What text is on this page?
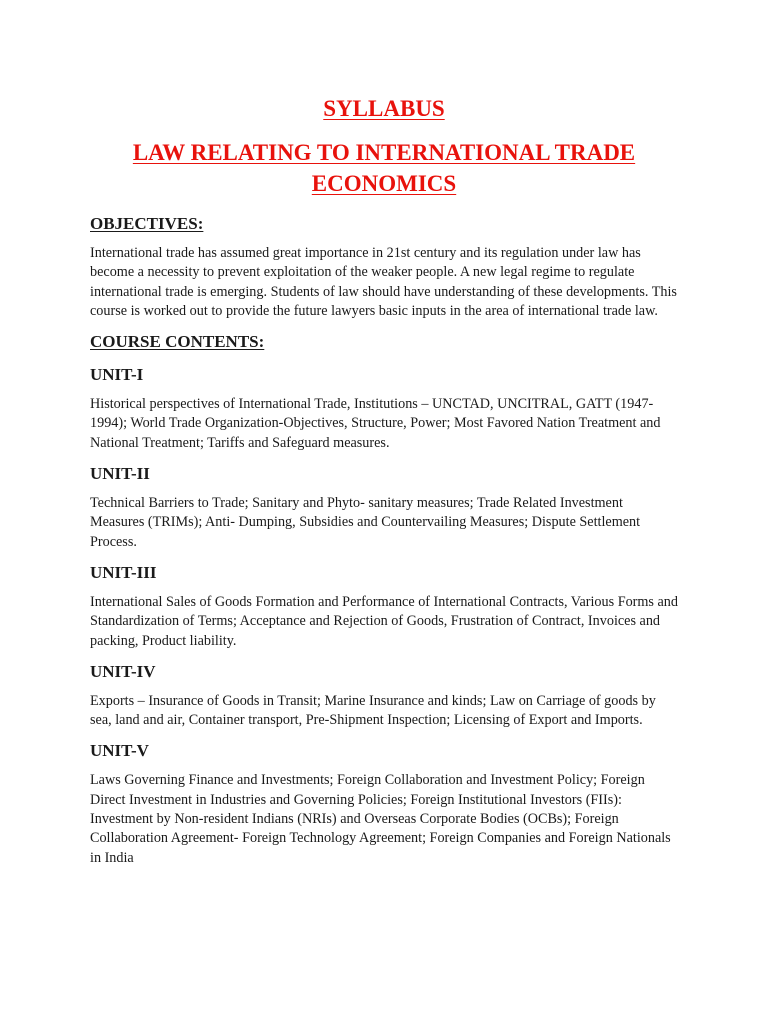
SYLLABUS
LAW RELATING TO INTERNATIONAL TRADE ECONOMICS
OBJECTIVES:

International trade has assumed great importance in 21st century and its regulation under law has become a necessity to prevent exploitation of the weaker people. A new legal regime to regulate international trade is emerging. Students of law should have understanding of these developments. This course is worked out to provide the future lawyers basic inputs in the area of international trade law.

COURSE CONTENTS:
UNIT-I

Historical perspectives of International Trade, Institutions – UNCTAD, UNCITRAL, GATT (1947-1994); World Trade Organization-Objectives, Structure, Power; Most Favored Nation Treatment and National Treatment; Tariffs and Safeguard measures.

UNIT-II

Technical Barriers to Trade; Sanitary and Phyto- sanitary measures; Trade Related Investment Measures (TRIMs); Anti- Dumping, Subsidies and Countervailing Measures; Dispute Settlement Process.

UNIT-III

International Sales of Goods Formation and Performance of International Contracts, Various Forms and Standardization of Terms; Acceptance and Rejection of Goods, Frustration of Contract, Invoices and packing, Product liability.

UNIT-IV

Exports – Insurance of Goods in Transit; Marine Insurance and kinds; Law on Carriage of goods by sea, land and air, Container transport, Pre-Shipment Inspection; Licensing of Export and Imports.

UNIT-V

Laws Governing Finance and Investments; Foreign Collaboration and Investment Policy; Foreign Direct Investment in Industries and Governing Policies; Foreign Institutional Investors (FIIs): Investment by Non-resident Indians (NRIs) and Overseas Corporate Bodies (OCBs); Foreign Collaboration Agreement- Foreign Technology Agreement; Foreign Companies and Foreign Nationals in India
